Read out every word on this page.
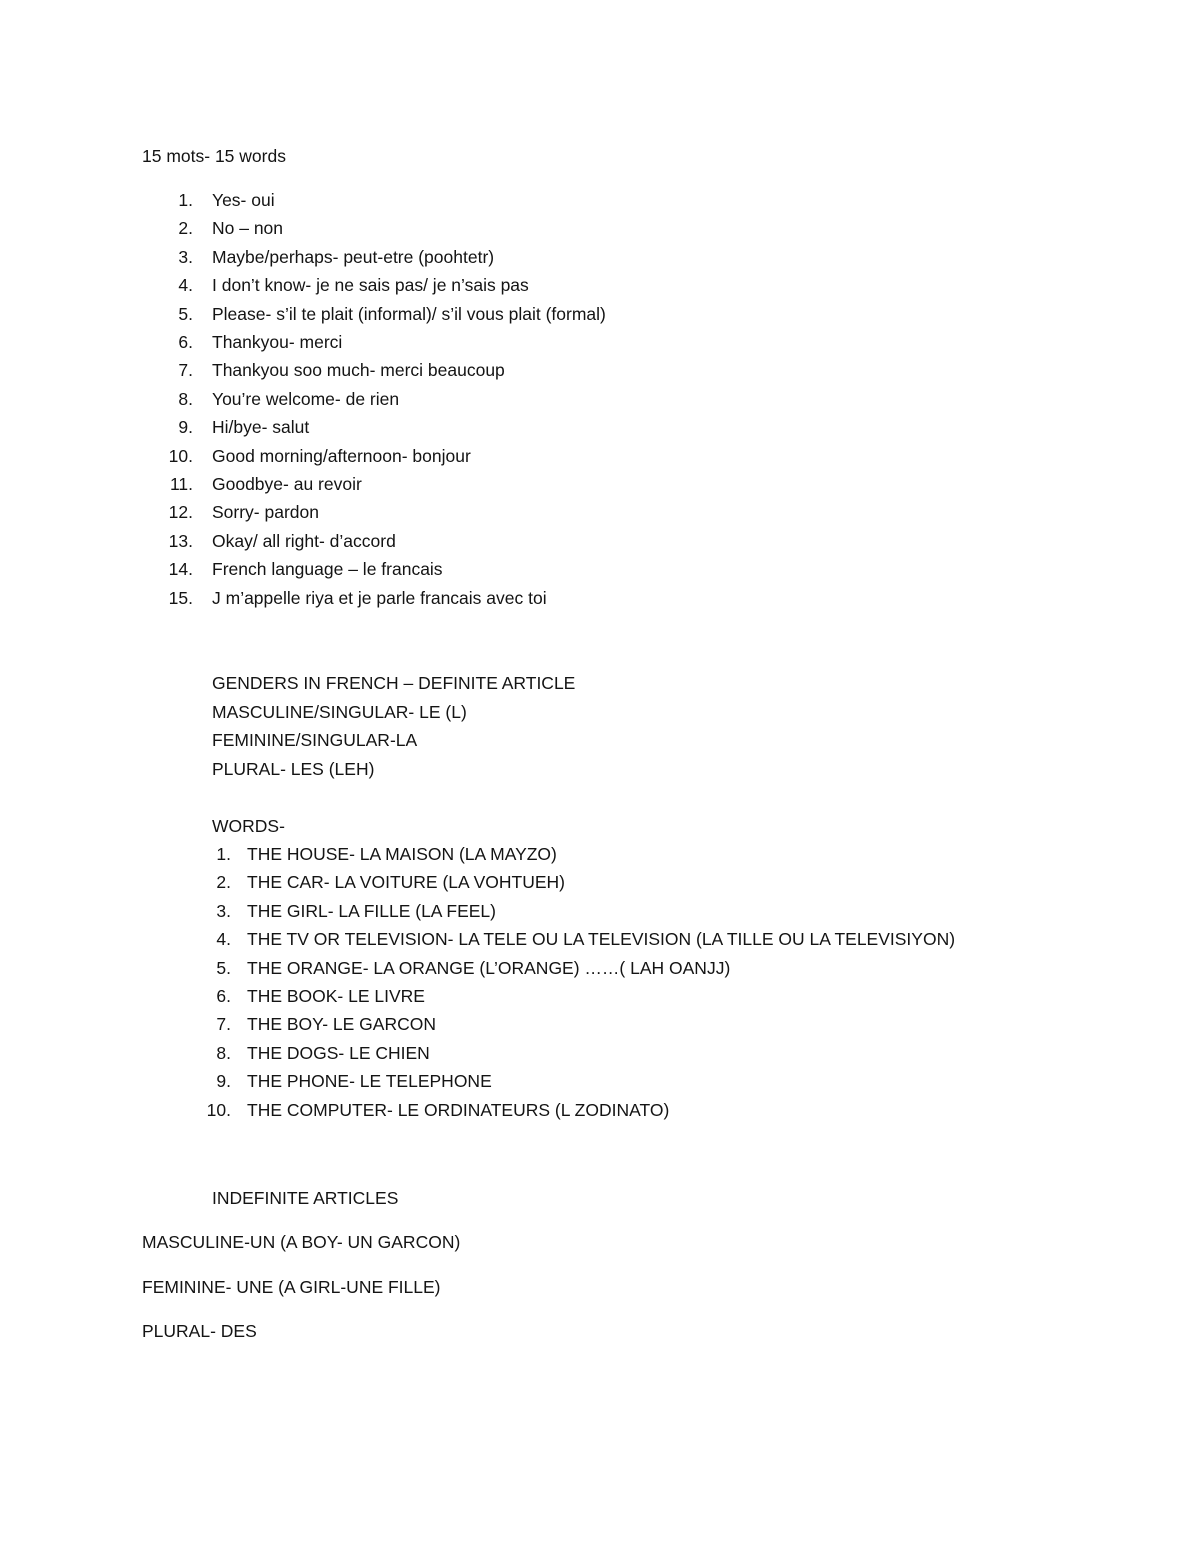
15 mots- 15 words
1. Yes- oui
2. No – non
3. Maybe/perhaps- peut-etre (poohtetr)
4. I don’t know- je ne sais pas/ je n’sais pas
5. Please- s’il te plait (informal)/ s’il vous plait (formal)
6. Thankyou- merci
7. Thankyou soo much- merci beaucoup
8. You’re welcome- de rien
9. Hi/bye- salut
10. Good morning/afternoon- bonjour
11. Goodbye- au revoir
12. Sorry- pardon
13. Okay/ all right- d’accord
14. French language – le francais
15. J m’appelle riya et je parle francais avec toi
GENDERS IN FRENCH – DEFINITE ARTICLE
MASCULINE/SINGULAR- LE (L)
FEMININE/SINGULAR-LA
PLURAL- LES (LEH)
WORDS-
1. THE HOUSE- LA MAISON (LA MAYZO)
2. THE CAR- LA VOITURE (LA VOHTUEH)
3. THE GIRL- LA FILLE (LA FEEL)
4. THE TV OR TELEVISION- LA TELE OU LA TELEVISION (LA TILLE OU LA TELEVISIYON)
5. THE ORANGE- LA ORANGE (L’ORANGE) ……( LAH OANJJ)
6. THE BOOK- LE LIVRE
7. THE BOY- LE GARCON
8. THE DOGS- LE CHIEN
9. THE PHONE- LE TELEPHONE
10. THE COMPUTER- LE ORDINATEURS (L ZODINATO)
INDEFINITE ARTICLES
MASCULINE-UN (A BOY- UN GARCON)
FEMININE- UNE (A GIRL-UNE FILLE)
PLURAL- DES
